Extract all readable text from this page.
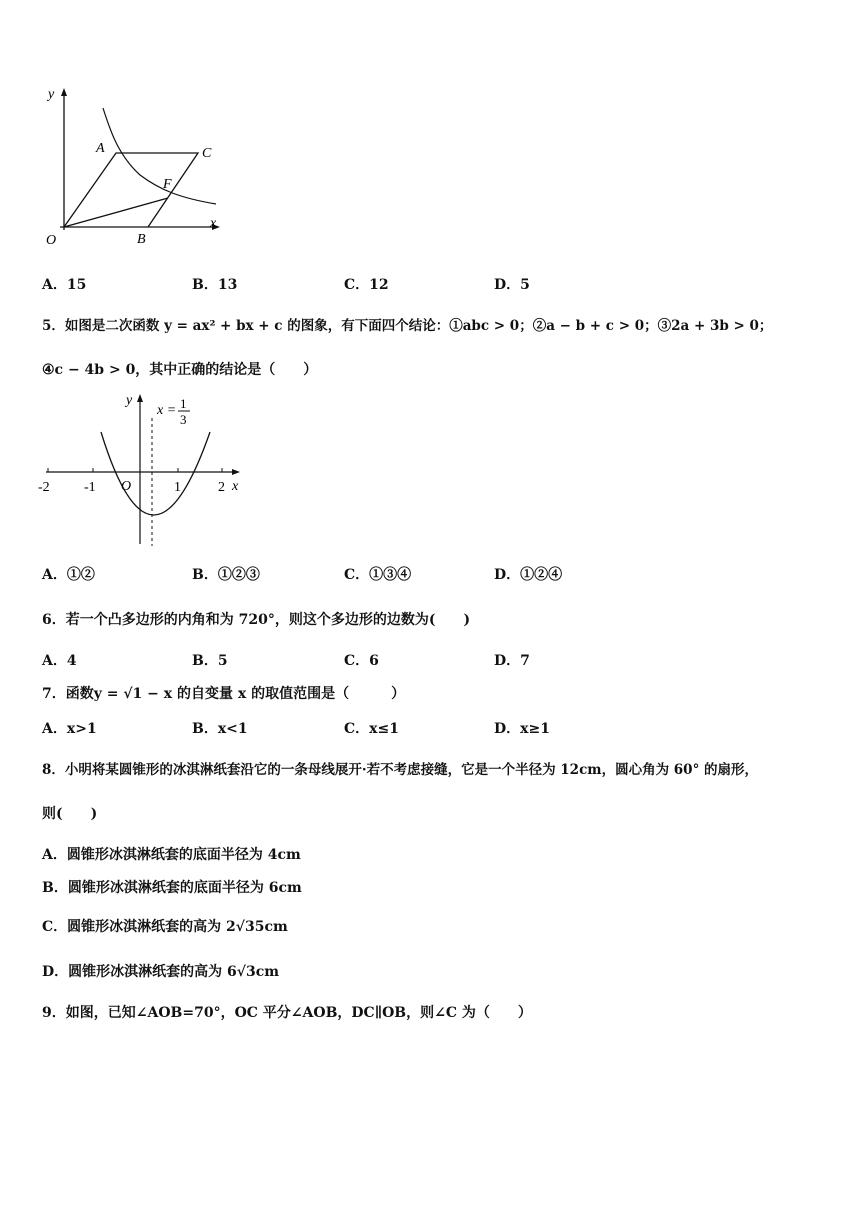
y
x
O
A	C
F
B
A．15	B．13	C．12	D．5
5．如图是二次函数 y = ax² + bx + c 的图象，有下面四个结论：①abc > 0；②a − b + c > 0；③2a + 3b > 0；
④c − 4b > 0，其中正确的结论是（　　）
y
x = 1
3
O
-2 -1	1	2 x
A．①②	B．①②③	C．①③④	D．①②④
6．若一个凸多边形的内角和为 720°，则这个多边形的边数为(　　)
A．4	B．5	C．6	D．7
7．函数y = √1 − x 的自变量 x 的取值范围是（　　　）
A．x>1	B．x<1	C．x≤1	D．x≥1
8．小明将某圆锥形的冰淇淋纸套沿它的一条母线展开·若不考虑接缝，它是一个半径为 12cm，圆心角为 60° 的扇形，
则(　　)
A．圆锥形冰淇淋纸套的底面半径为 4cm
B．圆锥形冰淇淋纸套的底面半径为 6cm
C．圆锥形冰淇淋纸套的高为 2√35cm
D．圆锥形冰淇淋纸套的高为 6√3cm
9．如图，已知∠AOB=70°，OC 平分∠AOB，DC∥OB，则∠C 为（　　）
